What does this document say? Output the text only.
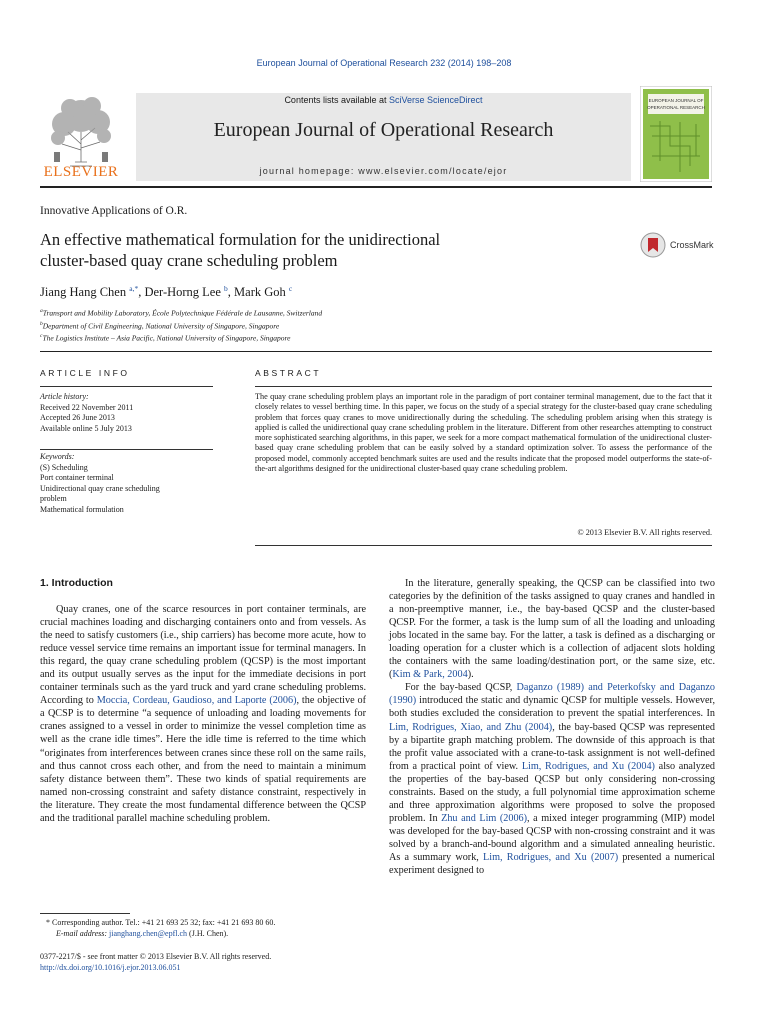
European Journal of Operational Research 232 (2014) 198–208
Contents lists available at SciVerse ScienceDirect
European Journal of Operational Research
journal homepage: www.elsevier.com/locate/ejor
ELSEVIER
EUROPEAN JOURNAL OF
OPERATIONAL RESEARCH
Innovative Applications of O.R.
An effective mathematical formulation for the unidirectional
cluster-based quay crane scheduling problem
CrossMark
Jiang Hang Chen $^{a,*}$, Der-Horng Lee $^b$, Mark Goh $^c$
$^a$Transport and Mobility Laboratory, École Polytechnique Fédérale de Lausanne, Switzerland
$^b$Department of Civil Engineering, National University of Singapore, Singapore
$^c$The Logistics Institute – Asia Pacific, National University of Singapore, Singapore
ARTICLE INFO
Article history:
Received 22 November 2011
Accepted 26 June 2013
Available online 5 July 2013
Keywords:
(S) Scheduling
Port container terminal
Unidirectional quay crane scheduling
problem
Mathematical formulation
ABSTRACT
The quay crane scheduling problem plays an important role in the paradigm of port container terminal management, due to the fact that it closely relates to vessel berthing time. In this paper, we focus on the study of a special strategy for the cluster-based quay crane scheduling problem that forces quay cranes to move unidirectionally during the scheduling. The scheduling problem arising when this strategy is applied is called the unidirectional quay crane scheduling problem in the literature. Different from other researches attempting to construct more sophisticated searching algorithms, in this paper, we seek for a more compact mathematical formulation of the unidirectional cluster-based quay crane scheduling problem that can be easily solved by a standard optimization solver. To assess the performance of the proposed model, commonly accepted benchmark suites are used and the results indicate that the proposed model outperforms the state-of-the-art algorithms designed for the unidirectional cluster-based quay crane scheduling problem.
© 2013 Elsevier B.V. All rights reserved.
1. Introduction

Quay cranes, one of the scarce resources in port container terminals, are crucial machines loading and discharging containers onto and from vessels. As the need to satisfy customers (i.e., ship carriers) has become more acute, how to reduce vessel service time remains an important issue for terminal managers. In this regard, the quay crane scheduling problem (QCSP) is the most important and its output usually serves as the input for the immediate decisions in port container terminals such as the yard truck and yard crane scheduling problems. According to Moccia, Cordeau, Gaudioso, and Laporte (2006), the objective of a QCSP is to determine “a sequence of unloading and loading movements for cranes assigned to a vessel in order to minimize the vessel completion time as well as the crane idle times”. Here the idle time is referred to the time which “originates from interferences between cranes since these roll on the same rails, and thus cannot cross each other, and from the need to maintain a minimum safety distance between them”. These two kinds of spatial requirements are named non-crossing constraint and safety distance constraint, respectively in the literature. They create the most fundamental difference between the QCSP and the traditional parallel machine scheduling problem.

In the literature, generally speaking, the QCSP can be classified into two categories by the definition of the tasks assigned to quay cranes and handled in a non-preemptive manner, i.e., the bay-based QCSP and the cluster-based QCSP. For the former, a task is the lump sum of all the loading and unloading jobs located in the same bay. For the latter, a task is defined as a discharging or loading operation for a cluster which is a collection of adjacent slots holding the containers with the same loading/destination port, or the same size, etc. (Kim & Park, 2004).

For the bay-based QCSP, Daganzo (1989) and Peterkofsky and Daganzo (1990) introduced the static and dynamic QCSP for multiple vessels. However, both studies excluded the consideration to prevent the spatial interferences. In Lim, Rodrigues, Xiao, and Zhu (2004), the bay-based QCSP was represented by a bipartite graph matching problem. The downside of this approach is that the profit value associated with a crane-to-task assignment is not well-defined from a practical point of view. Lim, Rodrigues, and Xu (2004) also analyzed the properties of the bay-based QCSP but only considering non-crossing constraints. Based on the study, a full polynomial time approximation scheme and three approximation algorithms were proposed to solve the proposed problem. In Zhu and Lim (2006), a mixed integer programming (MIP) model was developed for the bay-based QCSP with non-crossing constraint and it was solved by a branch-and-bound algorithm and a simulated annealing heuristic. As a summary work, Lim, Rodrigues, and Xu (2007) presented a numerical experiment designed to

* Corresponding author. Tel.: +41 21 693 25 32; fax: +41 21 693 80 60.
E-mail address: jianghang.chen@epfl.ch (J.H. Chen).
0377-2217/$ - see front matter © 2013 Elsevier B.V. All rights reserved.
http://dx.doi.org/10.1016/j.ejor.2013.06.051
